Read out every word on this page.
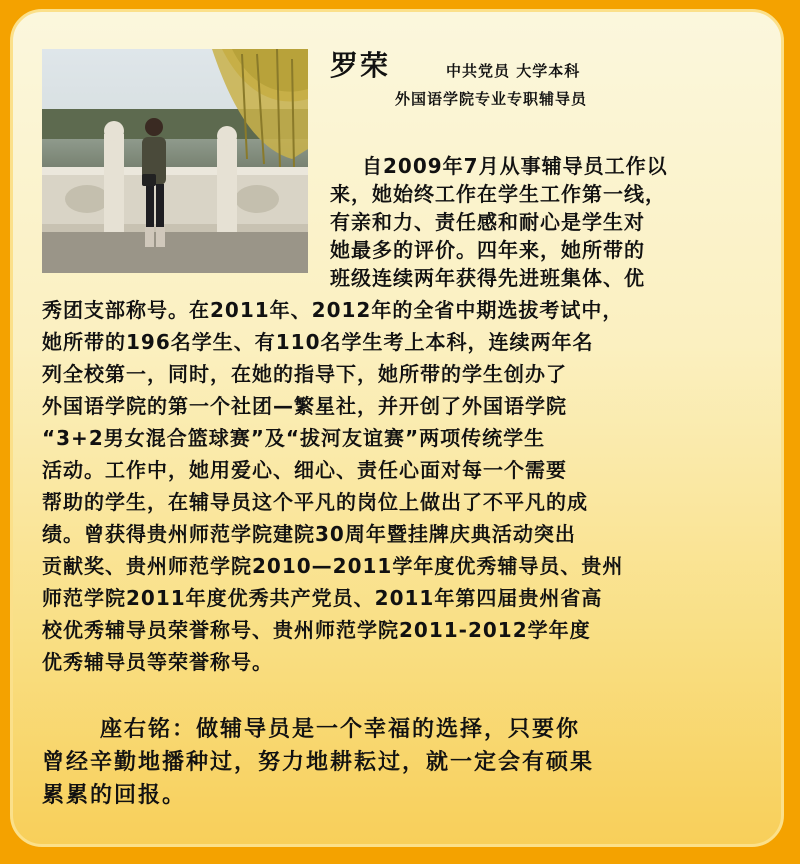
罗荣	中共党员 大学本科
外国语学院专业专职辅导员
自2009年7月从事辅导员工作以
来，她始终工作在学生工作第一线，
有亲和力、责任感和耐心是学生对
她最多的评价。四年来，她所带的
班级连续两年获得先进班集体、优
秀团支部称号。在2011年、2012年的全省中期选拔考试中，
她所带的196名学生、有110名学生考上本科，连续两年名
列全校第一，同时，在她的指导下，她所带的学生创办了
外国语学院的第一个社团—繁星社，并开创了外国语学院
“3+2男女混合篮球赛”及“拔河友谊赛”两项传统学生
活动。工作中，她用爱心、细心、责任心面对每一个需要
帮助的学生，在辅导员这个平凡的岗位上做出了不平凡的成
绩。曾获得贵州师范学院建院30周年暨挂牌庆典活动突出
贡献奖、贵州师范学院2010—2011学年度优秀辅导员、贵州
师范学院2011年度优秀共产党员、2011年第四届贵州省高
校优秀辅导员荣誉称号、贵州师范学院2011-2012学年度
优秀辅导员等荣誉称号。
座右铭：做辅导员是一个幸福的选择，只要你
曾经辛勤地播种过，努力地耕耘过，就一定会有硕果
累累的回报。
